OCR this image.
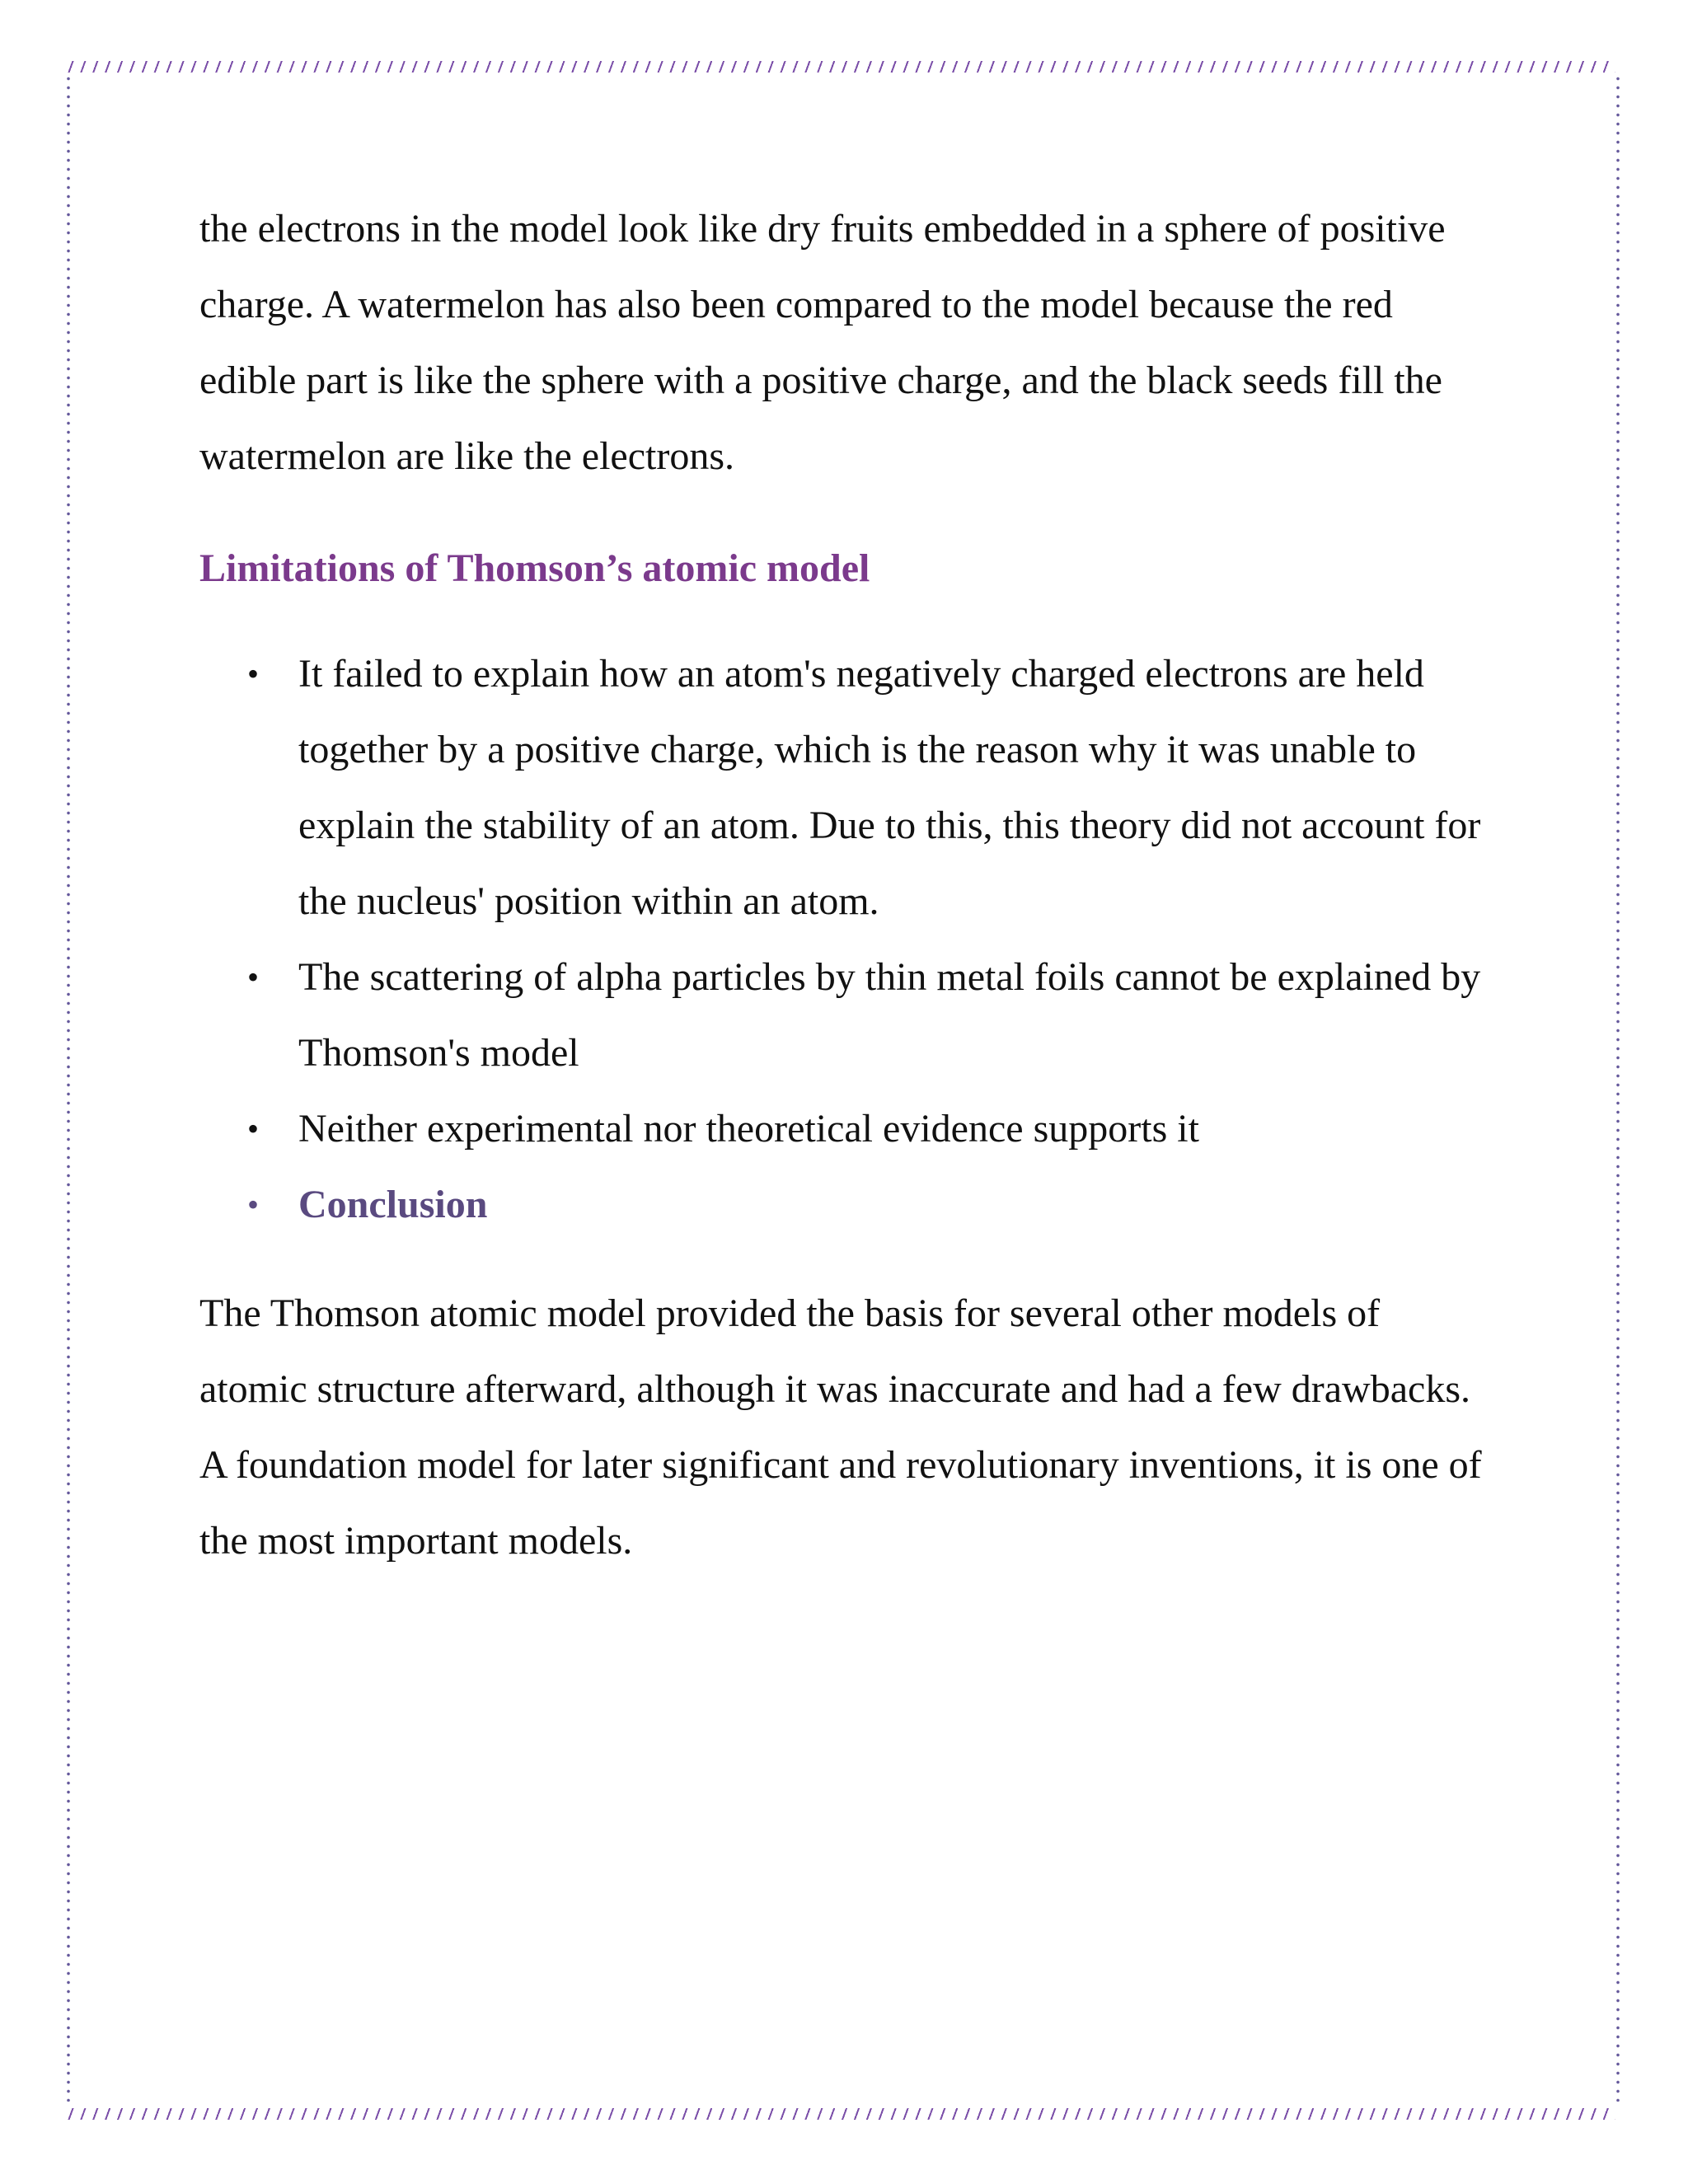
the electrons in the model look like dry fruits embedded in a sphere of positive charge. A watermelon has also been compared to the model because the red edible part is like the sphere with a positive charge, and the black seeds fill the watermelon are like the electrons.

Limitations of Thomson’s atomic model
• It failed to explain how an atom's negatively charged electrons are held together by a positive charge, which is the reason why it was unable to explain the stability of an atom. Due to this, this theory did not account for the nucleus' position within an atom.
• The scattering of alpha particles by thin metal foils cannot be explained by Thomson's model
• Neither experimental nor theoretical evidence supports it
• Conclusion

The Thomson atomic model provided the basis for several other models of atomic structure afterward, although it was inaccurate and had a few drawbacks. A foundation model for later significant and revolutionary inventions, it is one of the most important models.
